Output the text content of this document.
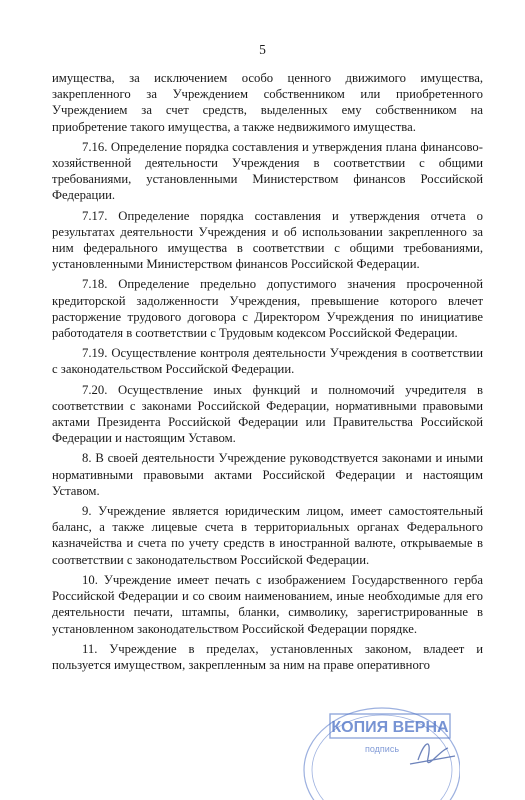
5

имущества, за исключением особо ценного движимого имущества, закрепленного за Учреждением собственником или приобретенного Учреждением за счет средств, выделенных ему собственником на приобретение такого имущества, а также недвижимого имущества.

7.16. Определение порядка составления и утверждения плана финансово-хозяйственной деятельности Учреждения в соответствии с общими требованиями, установленными Министерством финансов Российской Федерации.

7.17. Определение порядка составления и утверждения отчета о результатах деятельности Учреждения и об использовании закрепленного за ним федерального имущества в соответствии с общими требованиями, установленными Министерством финансов Российской Федерации.

7.18. Определение предельно допустимого значения просроченной кредиторской задолженности Учреждения, превышение которого влечет расторжение трудового договора с Директором Учреждения по инициативе работодателя в соответствии с Трудовым кодексом Российской Федерации.

7.19. Осуществление контроля деятельности Учреждения в соответствии с законодательством Российской Федерации.

7.20. Осуществление иных функций и полномочий учредителя в соответствии с законами Российской Федерации, нормативными правовыми актами Президента Российской Федерации или Правительства Российской Федерации и настоящим Уставом.

8. В своей деятельности Учреждение руководствуется законами и иными нормативными правовыми актами Российской Федерации и настоящим Уставом.

9. Учреждение является юридическим лицом, имеет самостоятельный баланс, а также лицевые счета в территориальных органах Федерального казначейства и счета по учету средств в иностранной валюте, открываемые в соответствии с законодательством Российской Федерации.

10. Учреждение имеет печать с изображением Государственного герба Российской Федерации и со своим наименованием, иные необходимые для его деятельности печати, штампы, бланки, символику, зарегистрированные в установленном законодательством Российской Федерации порядке.

11. Учреждение в пределах, установленных законом, владеет и пользуется имуществом, закрепленным за ним на праве оперативного

КОПИЯ ВЕРНА
подпись
